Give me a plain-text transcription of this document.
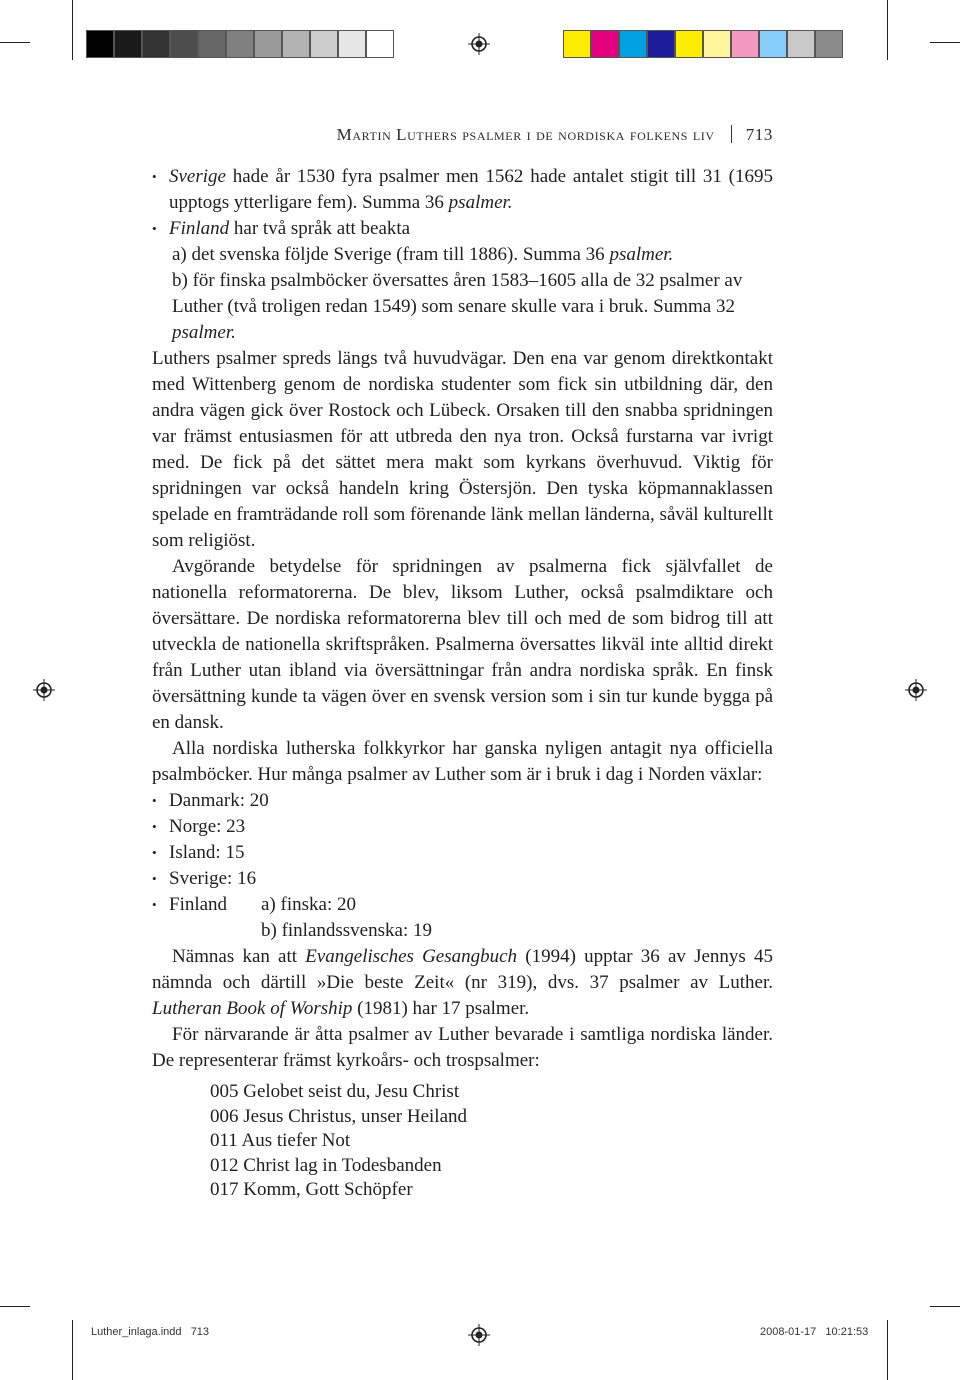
Martin Luthers psalmer i de nordiska folkens liv 713

• Sverige hade år 1530 fyra psalmer men 1562 hade antalet stigit till 31 (1695 upptogs ytterligare fem). Summa 36 psalmer.

• Finland har två språk att beakta

a) det svenska följde Sverige (fram till 1886). Summa 36 psalmer.

b) för finska psalmböcker översattes åren 1583–1605 alla de 32 psalmer av Luther (två troligen redan 1549) som senare skulle vara i bruk. Summa 32 psalmer.

Luthers psalmer spreds längs två huvudvägar. Den ena var genom direktkontakt med Wittenberg genom de nordiska studenter som fick sin utbildning där, den andra vägen gick över Rostock och Lübeck. Orsaken till den snabba spridningen var främst entusiasmen för att utbreda den nya tron. Också furstarna var ivrigt med. De fick på det sättet mera makt som kyrkans överhuvud. Viktig för spridningen var också handeln kring Östersjön. Den tyska köpmannaklassen spelade en framträdande roll som förenande länk mellan länderna, såväl kulturellt som religiöst.

Avgörande betydelse för spridningen av psalmerna fick självfallet de nationella reformatorerna. De blev, liksom Luther, också psalmdiktare och översättare. De nordiska reformatorerna blev till och med de som bidrog till att utveckla de nationella skriftspråken. Psalmerna översattes likväl inte alltid direkt från Luther utan ibland via översättningar från andra nordiska språk. En finsk översättning kunde ta vägen över en svensk version som i sin tur kunde bygga på en dansk.

Alla nordiska lutherska folkkyrkor har ganska nyligen antagit nya officiella psalmböcker. Hur många psalmer av Luther som är i bruk i dag i Norden växlar:

• Danmark: 20

• Norge: 23

• Island: 15

• Sverige: 16

• Finland a) finska: 20

b) finlandssvenska: 19

Nämnas kan att Evangelisches Gesangbuch (1994) upptar 36 av Jennys 45 nämnda och därtill »Die beste Zeit« (nr 319), dvs. 37 psalmer av Luther. Lutheran Book of Worship (1981) har 17 psalmer.

För närvarande är åtta psalmer av Luther bevarade i samtliga nordiska länder. De representerar främst kyrkoårs- och trospsalmer:

005 Gelobet seist du, Jesu Christ
006 Jesus Christus, unser Heiland
011 Aus tiefer Not
012 Christ lag in Todesbanden
017 Komm, Gott Schöpfer
Luther_inlaga.indd   713	2008-01-17   10:21:53
